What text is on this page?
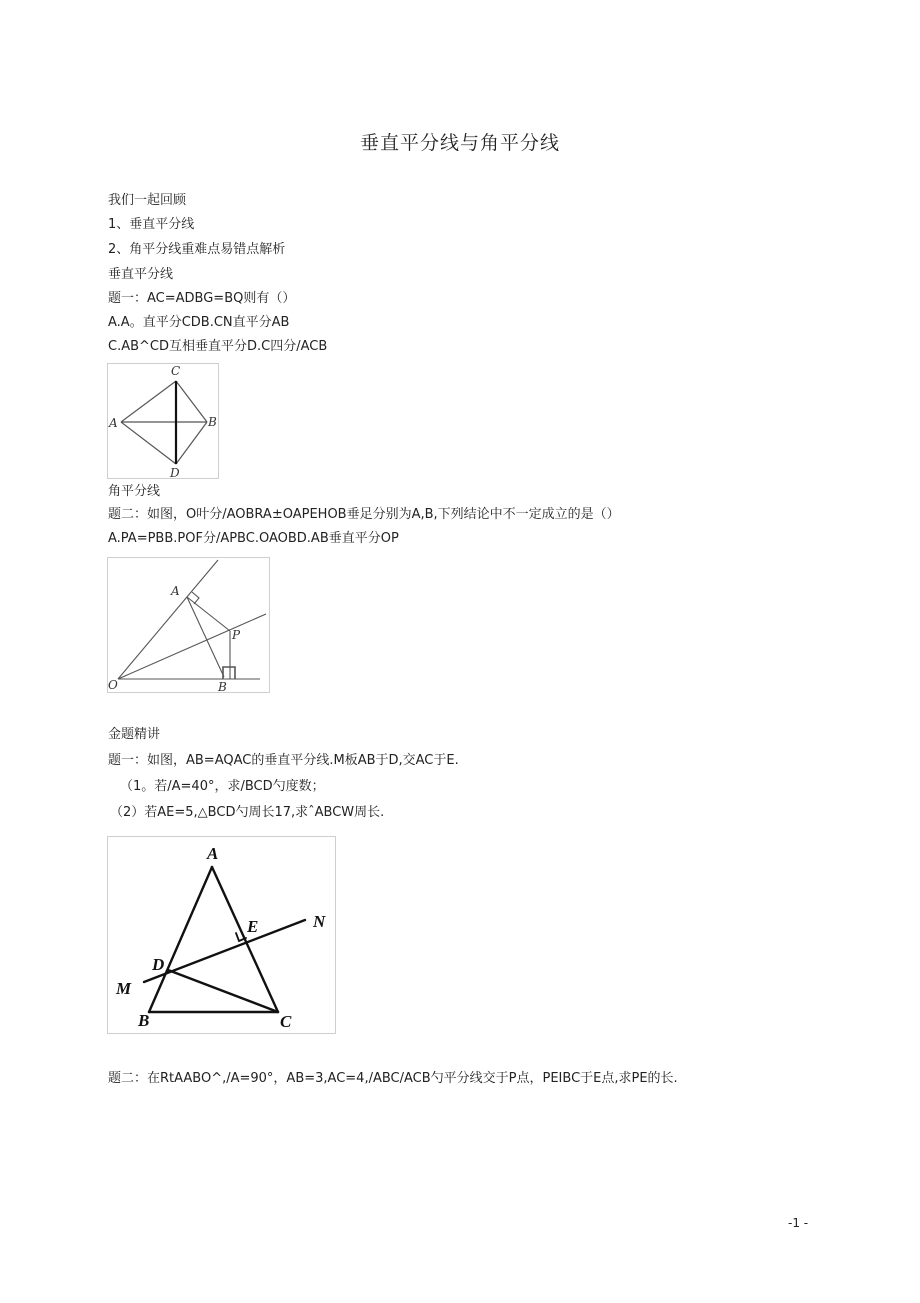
垂直平分线与角平分线
我们一起回顾
1、垂直平分线
2、角平分线重难点易错点解析
垂直平分线
题一：AC=ADBG=BQ则有（）
A.A。直平分CDB.CN直平分AB
C.AB^CD互相垂直平分D.C四分/ACB
C
A	B
D
角平分线
题二：如图，O叶分/AOBRA±OAPEHOB垂足分别为A,B,下列结论中不一定成立的是（）
A.PA=PBB.POF分/APBC.OAOBD.AB垂直平分OP
A
P
O	B
金题精讲
题一：如图，AB=AQAC的垂直平分线.M板AB于D,交AC于E.
（1。若/A=40°，求/BCD勺度数；
（2）若AE=5,△BCD勺周长17,求ˆABCW周长.
A
E	N
D
M
B	C
题二：在RtAABO^,/A=90°，AB=3,AC=4,/ABC/ACB勺平分线交于P点，PEIBC于E点,求PE的长.
-1 -
